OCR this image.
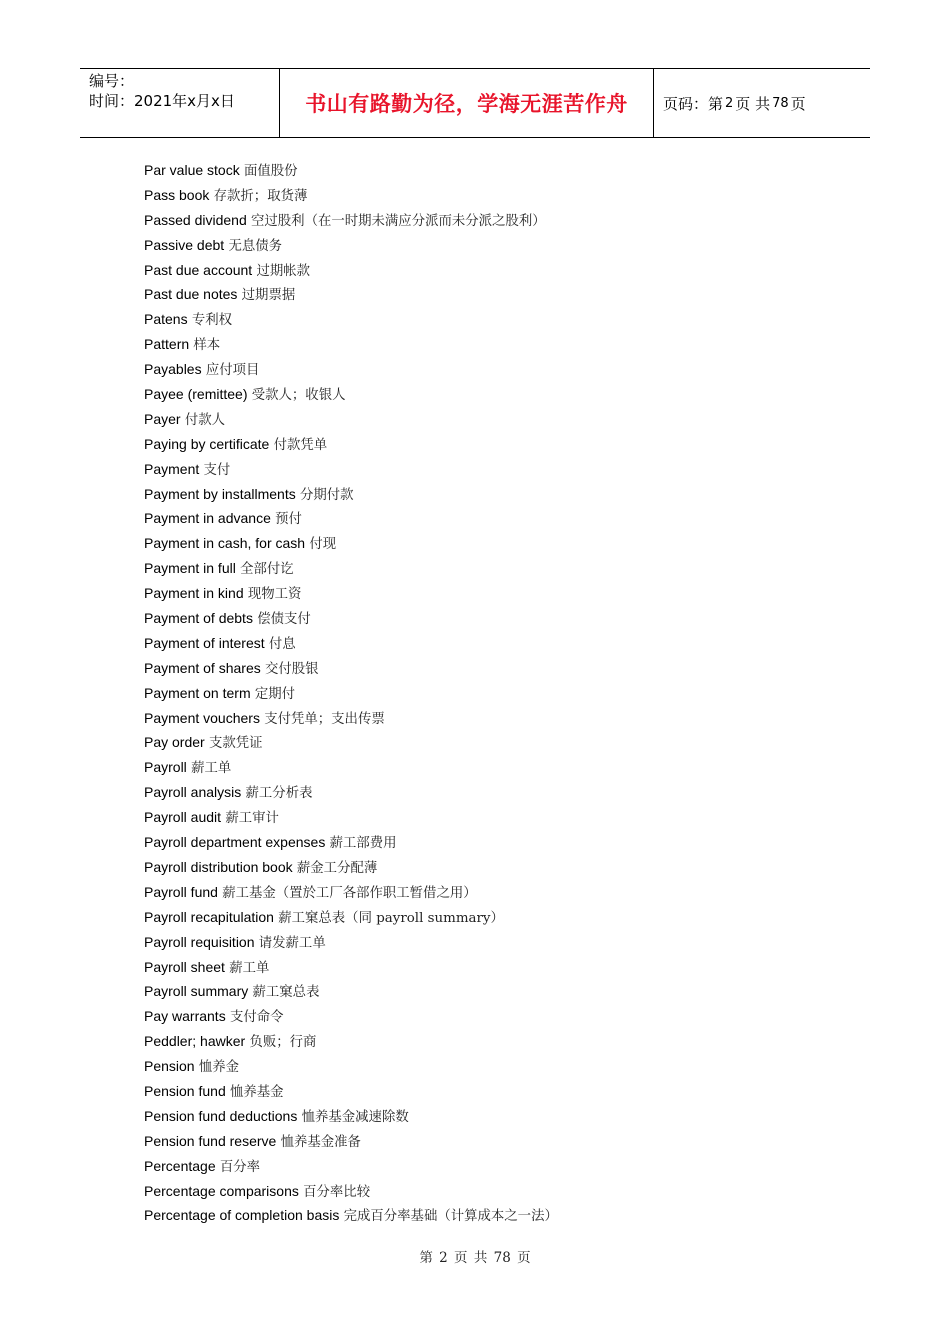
编号：
时间：2021年x月x日	书山有路勤为径，学海无涯苦作舟	页码：第 2 页 共 78 页
Par value stock 面值股份
Pass book 存款折；取货薄
Passed dividend 空过股利（在一时期未满应分派而未分派之股利）
Passive debt 无息债务
Past due account 过期帐款
Past due notes 过期票据
Patens 专利权
Pattern 样本
Payables 应付项目
Payee (remittee) 受款人；收银人
Payer 付款人
Paying by certificate 付款凭单
Payment 支付
Payment by installments 分期付款
Payment in advance 预付
Payment in cash, for cash 付现
Payment in full 全部付讫
Payment in kind 现物工资
Payment of debts 偿债支付
Payment of interest 付息
Payment of shares 交付股银
Payment on term 定期付
Payment vouchers 支付凭单；支出传票
Pay order 支款凭证
Payroll 薪工单
Payroll analysis 薪工分析表
Payroll audit 薪工审计
Payroll department expenses 薪工部费用
Payroll distribution book 薪金工分配薄
Payroll fund 薪工基金（置於工厂各部作职工暂借之用）
Payroll recapitulation 薪工窠总表（同 payroll summary）
Payroll requisition 请发薪工单
Payroll sheet 薪工单
Payroll summary 薪工窠总表
Pay warrants 支付命令
Peddler; hawker 负贩；行商
Pension 恤养金
Pension fund 恤养基金
Pension fund deductions 恤养基金减速除数
Pension fund reserve 恤养基金准备
Percentage 百分率
Percentage comparisons 百分率比较
Percentage of completion basis 完成百分率基础（计算成本之一法）
第 2 页 共 78 页
